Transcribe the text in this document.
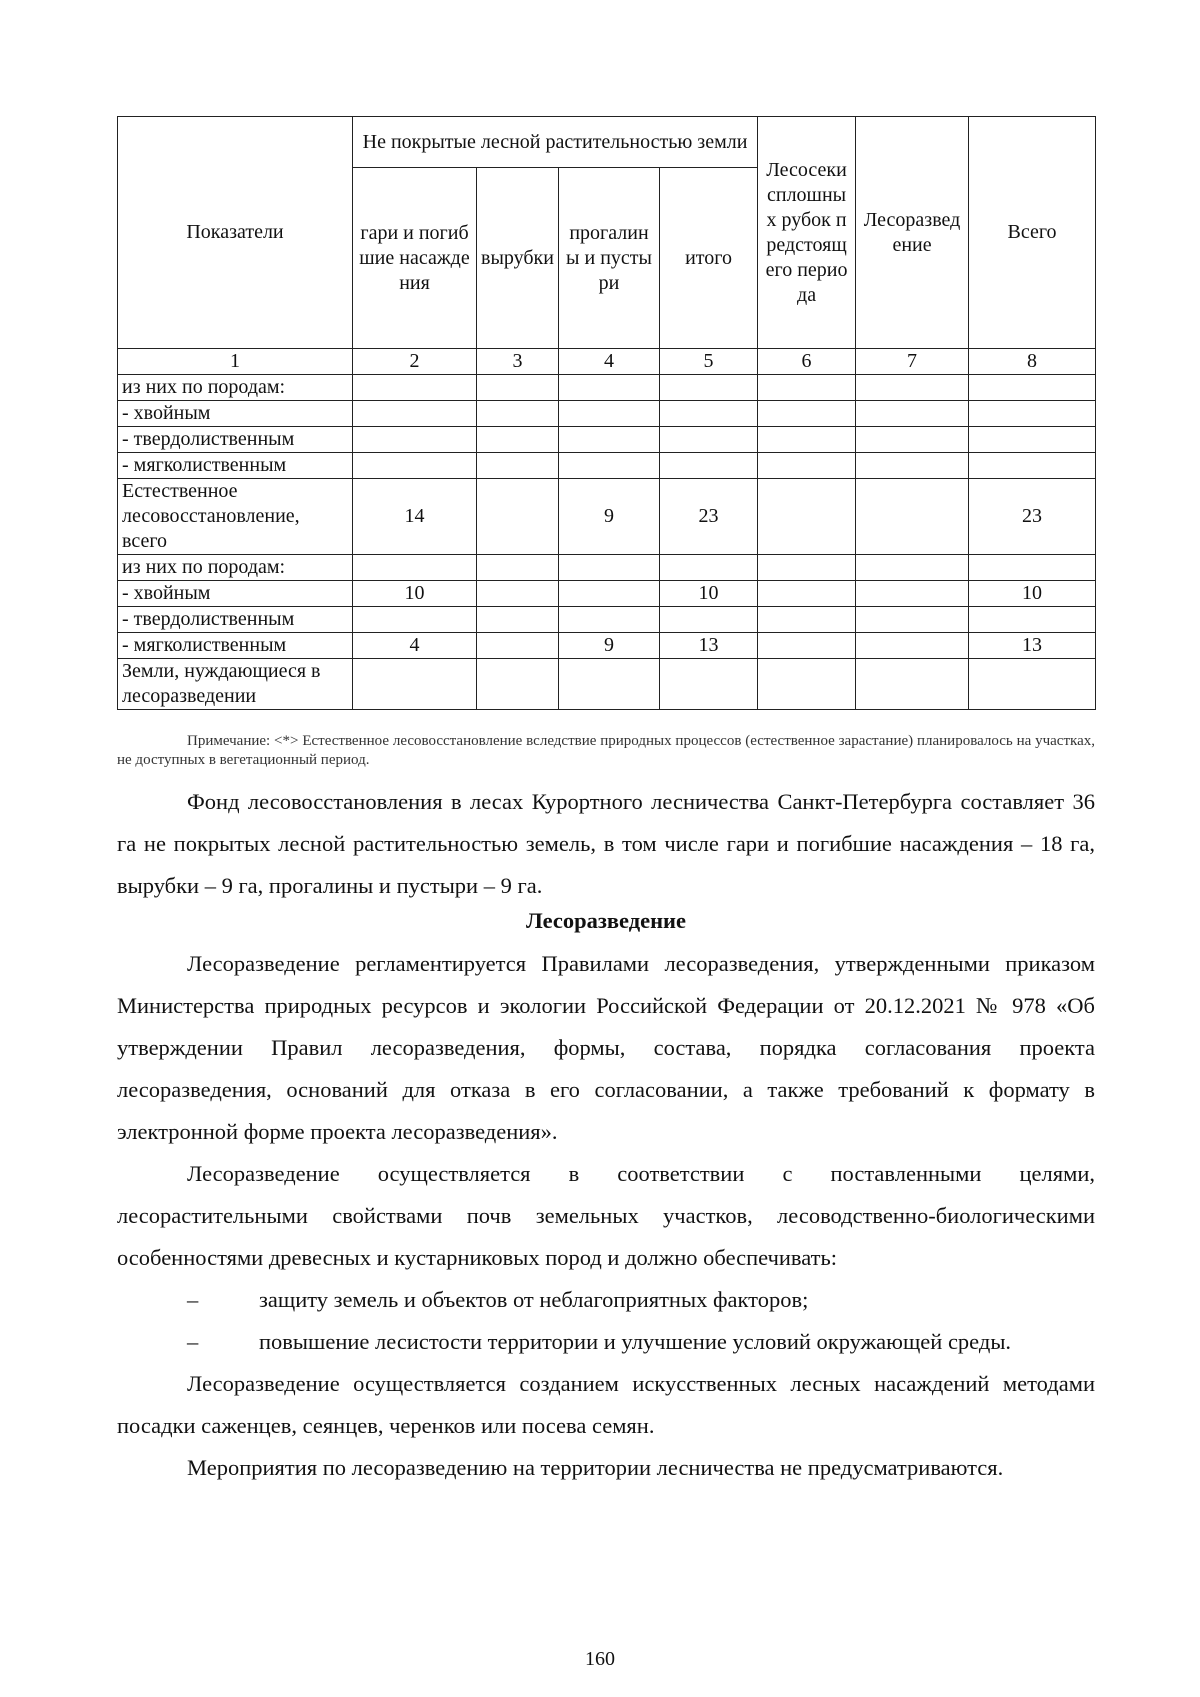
Показатели	Не покрытые лесной растительностью земли				Лесосеки сплошных рубок предстоящего периода	Лесоразведение	Всего
	гари и погибшие насаждения	вырубки	прогалины и пустыри	итого			
1	2	3	4	5	6	7	8
из них по породам:							
- хвойным							
- твердолиственным							
- мягколиственным							
Естественное лесовосстановление, всего	14		9	23			23
из них по породам:							
- хвойным	10			10			10
- твердолиственным							
- мягколиственным	4		9	13			13
Земли, нуждающиеся в лесоразведении							
Примечание: <*> Естественное лесовосстановление вследствие природных процессов (естественное зарастание) планировалось на участках, не доступных в вегетационный период.

Фонд лесовосстановления в лесах Курортного лесничества Санкт-Петербурга составляет 36 га не покрытых лесной растительностью земель, в том числе гари и погибшие насаждения – 18 га, вырубки – 9 га, прогалины и пустыри – 9 га.

Лесоразведение

Лесоразведение регламентируется Правилами лесоразведения, утвержденными приказом Министерства природных ресурсов и экологии Российской Федерации от 20.12.2021 № 978 «Об утверждении Правил лесоразведения, формы, состава, порядка согласования проекта лесоразведения, оснований для отказа в его согласовании, а также требований к формату в электронной форме проекта лесоразведения».

Лесоразведение осуществляется в соответствии с поставленными целями, лесорастительными свойствами почв земельных участков, лесоводственно-биологическими особенностями древесных и кустарниковых пород и должно обеспечивать:

–	защиту земель и объектов от неблагоприятных факторов;

–	повышение лесистости территории и улучшение условий окружающей среды.

Лесоразведение осуществляется созданием искусственных лесных насаждений методами посадки саженцев, сеянцев, черенков или посева семян.

Мероприятия по лесоразведению на территории лесничества не предусматриваются.

160
